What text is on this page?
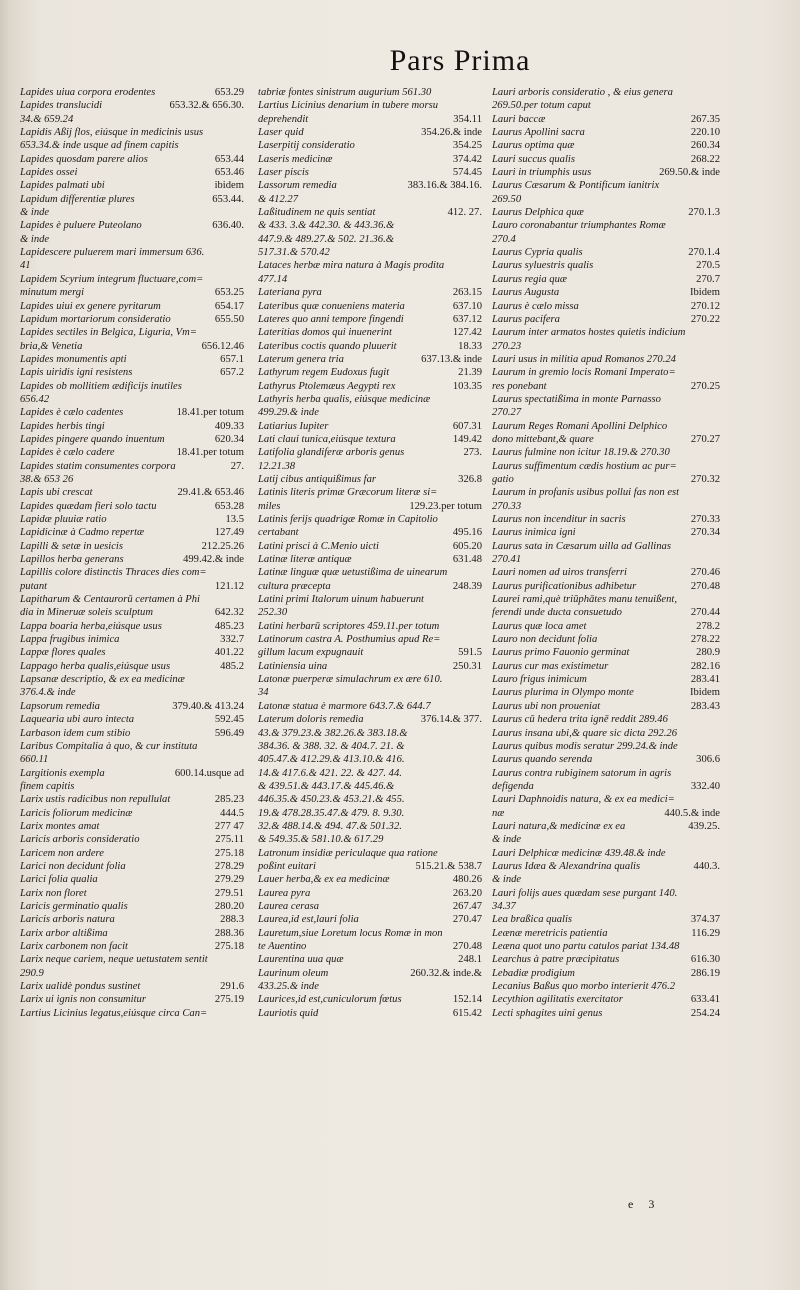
Pars Prima
653.29
Lapides uiua corpora erodentes
653.32.& 656.30.
Lapides translucidi
34.& 659.24
Lapidis Aßij flos, eiúsque in medicinis usus
653.34.& inde usque ad finem capitis
653.44
Lapides quosdam parere alios
653.46
Lapides ossei
ibidem
Lapides palmati ubi
653.44.
Lapidum differentiæ plures
& inde
636.40.
Lapides è puluere Puteolano
& inde
Lapidescere puluerem mari immersum 636.
41
Lapidem Scyrium integrum fluctuare,com=
653.25
minutum mergi
654.17
Lapides uiui ex genere pyritarum
655.50
Lapidum mortariorum consideratio
Lapides sectiles in Belgica, Liguria, Vm=
656.12.46
bria,& Venetia
657.1
Lapides monumentis apti
657.2
Lapis uiridis igni resistens
Lapides ob mollitiem ædificijs inutiles
656.42
18.41.per totum
Lapides è cælo cadentes
409.33
Lapides herbis tingi
620.34
Lapides pingere quando inuentum
18.41.per totum
Lapides è cælo cadere
27.
Lapides statim consumentes corpora
38.& 653 26
29.41.& 653.46
Lapis ubi crescat
653.28
Lapides quædam fieri solo tactu
13.5
Lapidæ pluuiæ ratio
127.49
Lapidicinæ à Cadmo repertæ
212.25.26
Lapilli & setæ in uesicis
499.42.& inde
Lapillos herba generans
Lapillis colore distinctis Thraces dies com=
121.12
putant
Lapitharum & Centaurorū certamen à Phi
642.32
dia in Mineruæ soleis sculptum
485.23
Lappa boaria herba,eiúsque usus
332.7
Lappa frugibus inimica
401.22
Lappæ flores quales
485.2
Lappago herba qualis,eiúsque usus
Lapsanæ descriptio, & ex ea medicinæ
376.4.& inde
379.40.& 413.24
Lapsorum remedia
592.45
Laquearia ubi auro intecta
596.49
Larbason idem cum stibio
Laribus Compitalia à quo, & cur instituta
660.11
600.14.usque ad
Largitionis exempla
finem capitis
285.23
Larix ustis radicibus non repullulat
444.5
Laricis foliorum medicinæ
277 47
Larix montes amat
275.11
Laricis arboris consideratio
275.18
Laricem non ardere
278.29
Larici non decidunt folia
279.29
Larici folia qualia
279.51
Larix non floret
280.20
Laricis germinatio qualis
288.3
Laricis arboris natura
288.36
Larix arbor altißima
275.18
Larix carbonem non facit
Larix neque cariem, neque uetustatem sentit
290.9
291.6
Larix ualidè pondus sustinet
275.19
Larix ui ignis non consumitur
Lartius Licinius legatus,eiúsque circa Can=
tabriæ fontes sinistrum augurium 561.30
Lartius Licinius denarium in tubere morsu
354.11
deprehendit
354.26.& inde
Laser quid
354.25
Laserpitij consideratio
374.42
Laseris medicinæ
574.45
Laser piscis
383.16.& 384.16.
Lassorum remedia
& 412.27
412. 27.
Laßitudinem ne quis sentiat
& 433. 3.& 442.30. & 443.36.&
447.9.& 489.27.& 502. 21.36.&
517.31.& 570.42
Lataces herbæ mira natura à Magis prodita
477.14
263.15
Lateriana pyra
637.10
Lateribus quæ conueniens materia
637.12
Lateres quo anni tempore fingendi
127.42
Lateritias domos qui inuenerint
18.33
Lateribus coctis quando pluuerit
637.13.& inde
Laterum genera tria
21.39
Lathyrum regem Eudoxus fugit
103.35
Lathyrus Ptolemæus Aegypti rex
Lathyris herba qualis, eiúsque medicinæ
499.29.& inde
607.31
Latiarius Iupiter
149.42
Lati claui tunica,eiúsque textura
273.
Latifolia glandiferæ arboris genus
12.21.38
326.8
Latij cibus antiquißimus far
Latinis literis primæ Græcorum literæ si=
129.23.per totum
miles
Latinis ferijs quadrigæ Romæ in Capitolio
495.16
certabant
605.20
Latini prisci à C.Menio uicti
631.48
Latinæ literæ antiquæ
Latinæ linguæ quæ uetustißima de uinearum
248.39
cultura præcepta
Latini primi Italorum uinum habuerunt
252.30
Latini herbarū scriptores 459.11.per totum
Latinorum castra A. Posthumius apud Re=
591.5
gillum lacum expugnauit
250.31
Latiniensia uina
Latonæ puerperæ simulachrum ex ære 610.
34
Latonæ statua è marmore 643.7.& 644.7
376.14.& 377.
Laterum doloris remedia
43.& 379.23.& 382.26.& 383.18.&
384.36. & 388. 32. & 404.7. 21. &
405.47.& 412.29.& 413.10.& 416.
14.& 417.6.& 421. 22. & 427. 44.
& 439.51.& 443.17.& 445.46.&
446.35.& 450.23.& 453.21.& 455.
19.& 478.28.35.47.& 479. 8. 9.30.
32.& 488.14.& 494. 47.& 501.32.
& 549.35.& 581.10.& 617.29
Latronum insidiæ periculaque qua ratione
515.21.& 538.7
poßint euitari
480.26
Lauer herba,& ex ea medicinæ
263.20
Laurea pyra
267.47
Laurea cerasa
270.47
Laurea,id est,lauri folia
Lauretum,siue Loretum locus Romæ in mon
270.48
te Auentino
248.1
Laurentina uua quæ
260.32.& inde.&
Laurinum oleum
433.25.& inde
152.14
Laurices,id est,cuniculorum fœtus
615.42
Lauriotis quid
Lauri arboris consideratio , & eius genera
269.50.per totum caput
267.35
Lauri baccæ
220.10
Laurus Apollini sacra
260.34
Laurus optima quæ
268.22
Lauri succus qualis
269.50.& inde
Lauri in triumphis usus
Laurus Cæsarum & Pontificum ianitrix
269.50
270.1.3
Laurus Delphica quæ
Lauro coronabantur triumphantes Romæ
270.4
270.1.4
Laurus Cypria qualis
270.5
Laurus syluestris qualis
270.7
Laurus regia quæ
Ibidem
Laurus Augusta
270.12
Laurus è cælo missa
270.22
Laurus pacifera
Laurum inter armatos hostes quietis indicium
270.23
Lauri usus in militia apud Romanos 270.24
Laurum in gremio locis Romani Imperato=
270.25
res ponebant
Laurus spectatißima in monte Parnasso
270.27
Laurum Reges Romani Apollini Delphico
270.27
dono mittebant,& quare
Laurus fulmine non icitur 18.19.& 270.30
Laurus suffimentum cædis hostium ac pur=
270.32
gatio
Laurum in profanis usibus pollui fas non est
270.33
270.33
Laurus non incenditur in sacris
270.34
Laurus inimica igni
Laurus sata in Cæsarum uilla ad Gallinas
270.41
270.46
Lauri nomen ad uiros transferri
270.48
Laurus purificationibus adhibetur
Laurei rami,què triūphātes manu tenuißent,
270.44
ferendi unde ducta consuetudo
278.2
Laurus quæ loca amet
278.22
Lauro non decidunt folia
280.9
Laurus primo Fauonio germinat
282.16
Laurus cur mas existimetur
283.41
Lauro frigus inimicum
Ibidem
Laurus plurima in Olympo monte
283.43
Laurus ubi non proueniat
Laurus cū hedera trita ignē reddit 289.46
Laurus insana ubi,& quare sic dicta 292.26
Laurus quibus modis seratur 299.24.& inde
306.6
Laurus quando serenda
Laurus contra rubiginem satorum in agris
332.40
defigenda
Lauri Daphnoidis natura, & ex ea medici=
440.5.& inde
næ
439.25.
Lauri natura,& medicinæ ex ea
& inde
Lauri Delphicæ medicinæ 439.48.& inde
440.3.
Laurus Idæa & Alexandrina qualis
& inde
Lauri folijs aues quædam sese purgant 140.
34.37
374.37
Lea braßica qualis
116.29
Leænæ meretricis patientia
Leæna quot uno partu catulos pariat 134.48
616.30
Learchus à patre præcipitatus
286.19
Lebadiæ prodigium
Lecanius Baßus quo morbo interierit 476.2
633.41
Lecythion agilitatis exercitator
254.24
Lecti sphagites uini genus
e 3
